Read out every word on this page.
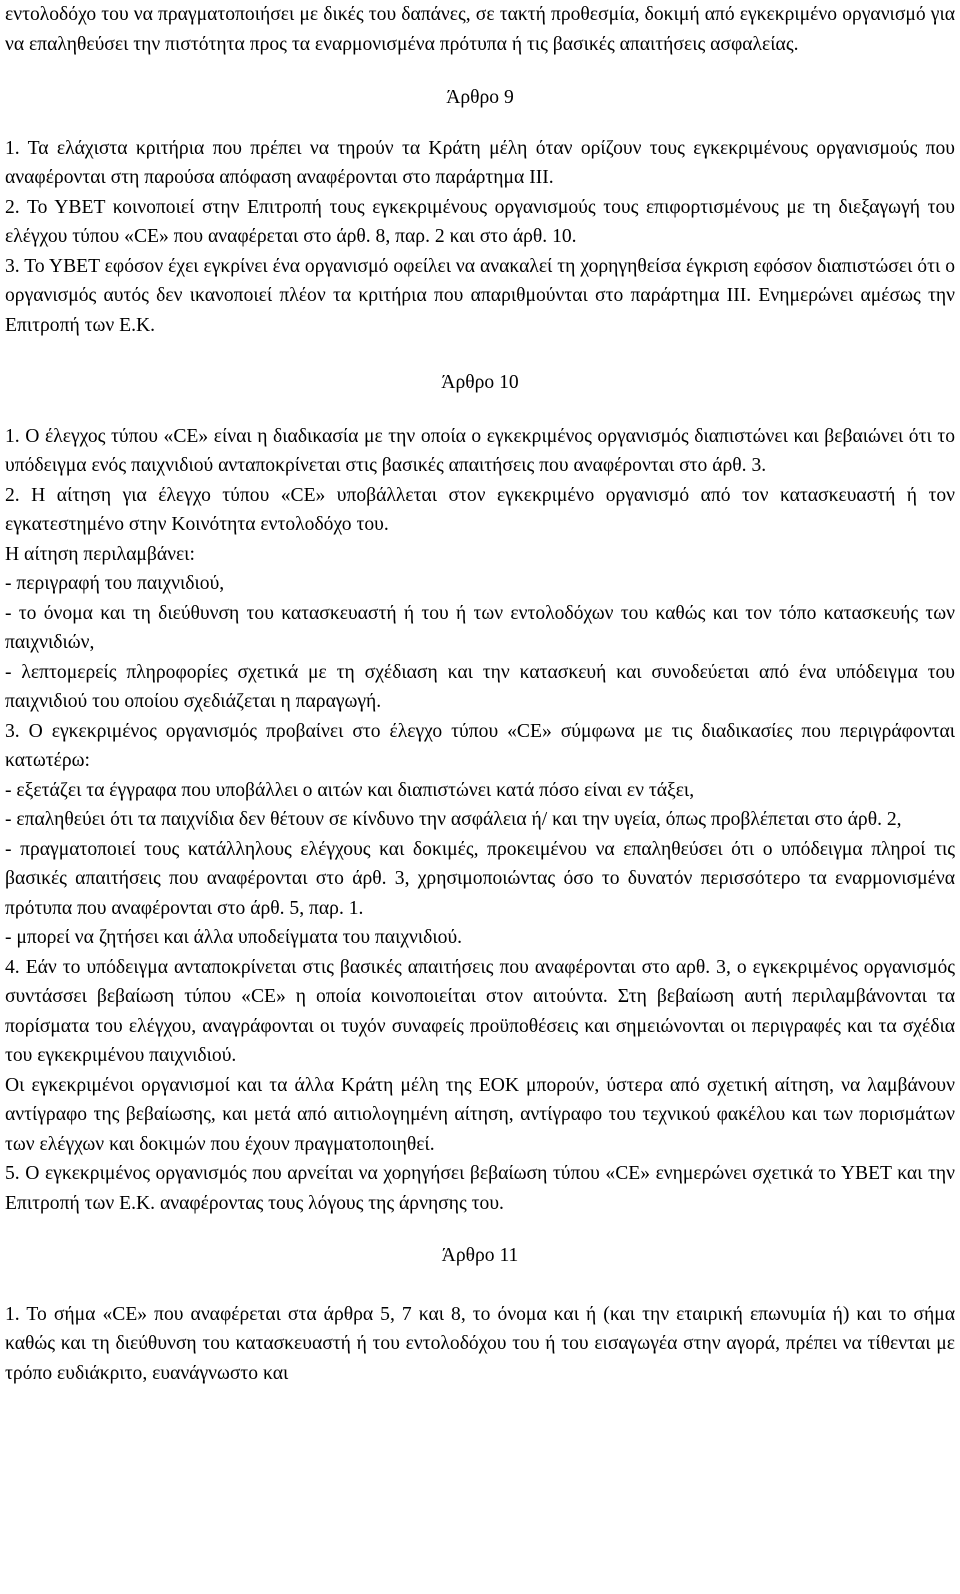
εντολοδόχο του να πραγματοποιήσει με δικές του δαπάνες, σε τακτή προθεσμία, δοκιμή από εγκεκριμένο οργανισμό για να επαληθεύσει την πιστότητα προς τα εναρμονισμένα πρότυπα ή τις βασικές απαιτήσεις ασφαλείας.

Άρθρο 9

1. Τα ελάχιστα κριτήρια που πρέπει να τηρούν τα Κράτη μέλη όταν ορίζουν τους εγκεκριμένους οργανισμούς που αναφέρονται στη παρούσα απόφαση αναφέρονται στο παράρτημα ΙΙΙ.

2. Το ΥΒΕΤ κοινοποιεί στην Επιτροπή τους εγκεκριμένους οργανισμούς τους επιφορτισμένους με τη διεξαγωγή του ελέγχου τύπου «CE» που αναφέρεται στο άρθ. 8, παρ. 2 και στο άρθ. 10.

3. Το ΥΒΕΤ εφόσον έχει εγκρίνει ένα οργανισμό οφείλει να ανακαλεί τη χορηγηθείσα έγκριση εφόσον διαπιστώσει ότι ο οργανισμός αυτός δεν ικανοποιεί πλέον τα κριτήρια που απαριθμούνται στο παράρτημα ΙΙΙ. Ενημερώνει αμέσως την Επιτροπή των Ε.Κ.

Άρθρο 10

1. Ο έλεγχος τύπου «CE» είναι η διαδικασία με την οποία ο εγκεκριμένος οργανισμός διαπιστώνει και βεβαιώνει ότι το υπόδειγμα ενός παιχνιδιού ανταποκρίνεται στις βασικές απαιτήσεις που αναφέρονται στο άρθ. 3.

2. Η αίτηση για έλεγχο τύπου «CE» υποβάλλεται στον εγκεκριμένο οργανισμό από τον κατασκευαστή ή τον εγκατεστημένο στην Κοινότητα εντολοδόχο του.

Η αίτηση περιλαμβάνει:

- περιγραφή του παιχνιδιού,

- το όνομα και τη διεύθυνση του κατασκευαστή ή του ή των εντολοδόχων του καθώς και τον τόπο κατασκευής των παιχνιδιών,

- λεπτομερείς πληροφορίες σχετικά με τη σχέδιαση και την κατασκευή και συνοδεύεται από ένα υπόδειγμα του παιχνιδιού του οποίου σχεδιάζεται η παραγωγή.

3. Ο εγκεκριμένος οργανισμός προβαίνει στο έλεγχο τύπου «CE» σύμφωνα με τις διαδικασίες που περιγράφονται κατωτέρω:

- εξετάζει τα έγγραφα που υποβάλλει ο αιτών και διαπιστώνει κατά πόσο είναι εν τάξει,

- επαληθεύει ότι τα παιχνίδια δεν θέτουν σε κίνδυνο την ασφάλεια ή/ και την υγεία, όπως προβλέπεται στο άρθ. 2,

- πραγματοποιεί τους κατάλληλους ελέγχους και δοκιμές, προκειμένου να επαληθεύσει ότι ο υπόδειγμα πληροί τις βασικές απαιτήσεις που αναφέρονται στο άρθ. 3, χρησιμοποιώντας όσο το δυνατόν περισσότερο τα εναρμονισμένα πρότυπα που αναφέρονται στο άρθ. 5, παρ. 1.

- μπορεί να ζητήσει και άλλα υποδείγματα του παιχνιδιού.

4. Εάν το υπόδειγμα ανταποκρίνεται στις βασικές απαιτήσεις που αναφέρονται στο αρθ. 3, ο εγκεκριμένος οργανισμός συντάσσει βεβαίωση τύπου «CE» η οποία κοινοποιείται στον αιτούντα. Στη βεβαίωση αυτή περιλαμβάνονται τα πορίσματα του ελέγχου, αναγράφονται οι τυχόν συναφείς προϋποθέσεις και σημειώνονται οι περιγραφές και τα σχέδια του εγκεκριμένου παιχνιδιού.

Οι εγκεκριμένοι οργανισμοί και τα άλλα Κράτη μέλη της ΕΟΚ μπορούν, ύστερα από σχετική αίτηση, να λαμβάνουν αντίγραφο της βεβαίωσης, και μετά από αιτιολογημένη αίτηση, αντίγραφο του τεχνικού φακέλου και των πορισμάτων των ελέγχων και δοκιμών που έχουν πραγματοποιηθεί.

5. Ο εγκεκριμένος οργανισμός που αρνείται να χορηγήσει βεβαίωση τύπου «CE» ενημερώνει σχετικά το ΥΒΕΤ και την Επιτροπή των Ε.Κ. αναφέροντας τους λόγους της άρνησης του.

Άρθρο 11

1. Το σήμα «CE» που αναφέρεται στα άρθρα 5, 7 και 8, το όνομα και ή (και την εταιρική επωνυμία ή) και το σήμα καθώς και τη διεύθυνση του κατασκευαστή ή του εντολοδόχου του ή του εισαγωγέα στην αγορά, πρέπει να τίθενται με τρόπο ευδιάκριτο, ευανάγνωστο και
